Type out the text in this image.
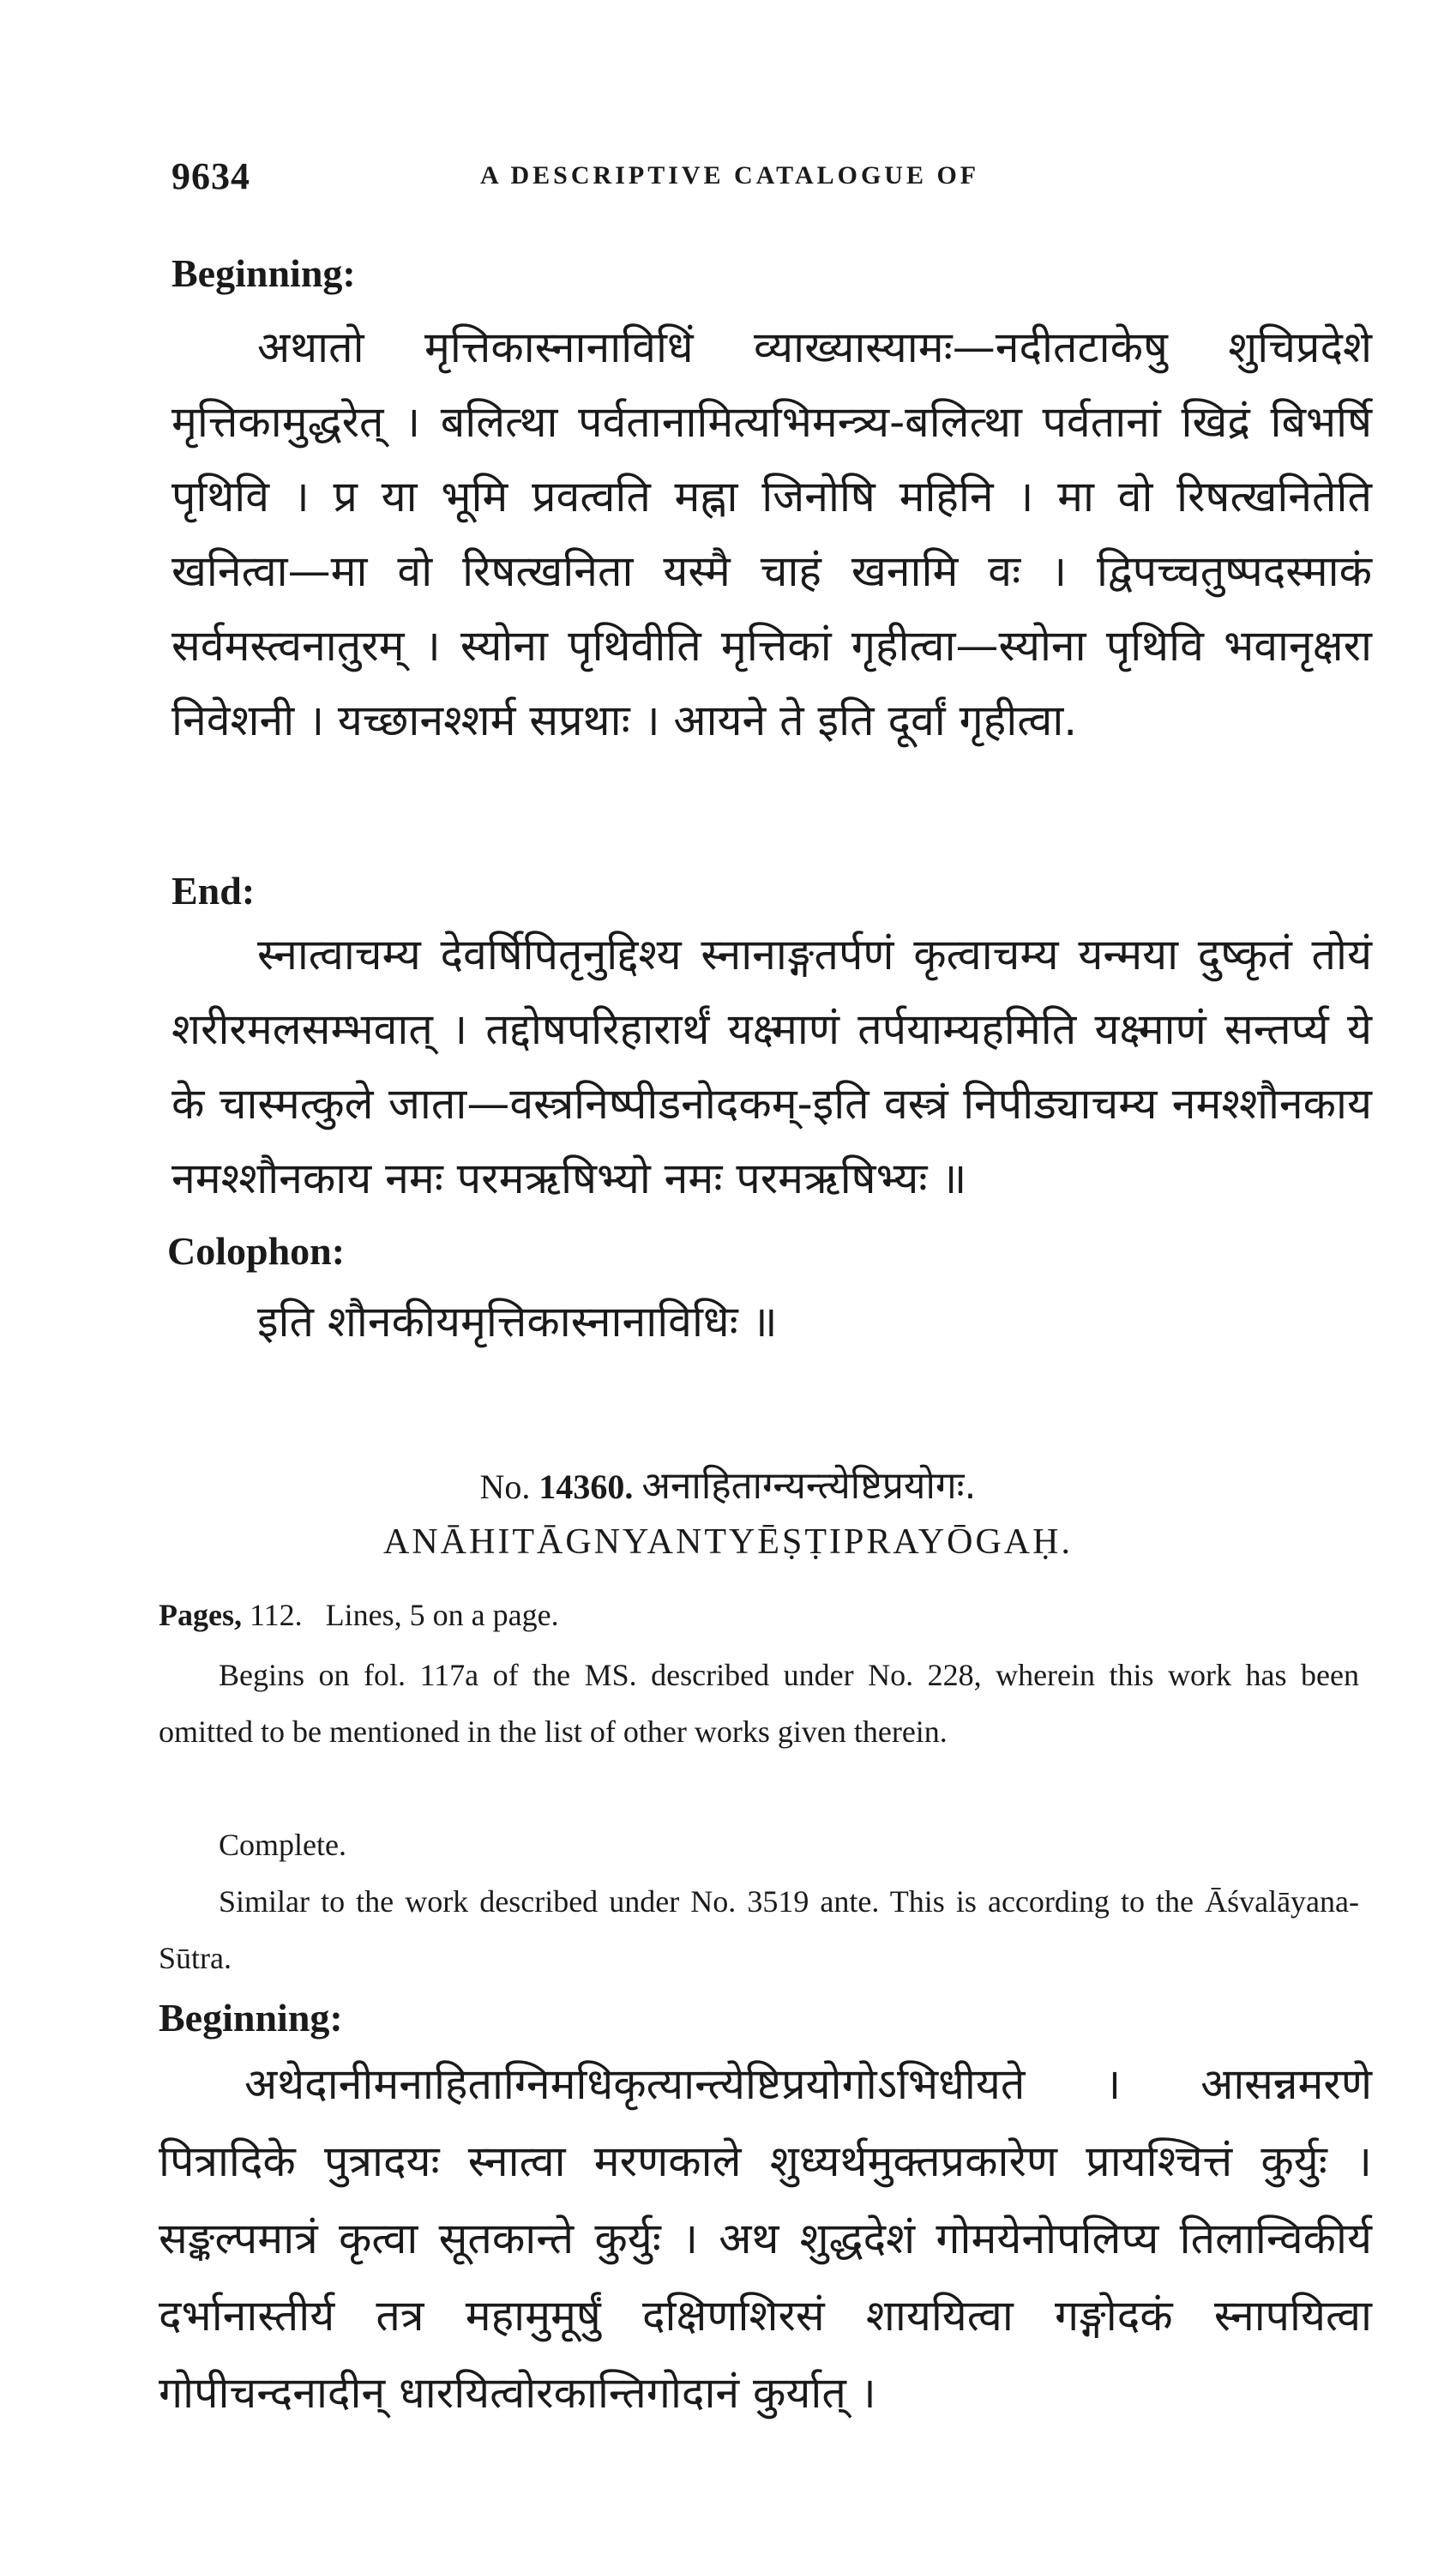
9634	A DESCRIPTIVE CATALOGUE OF
Beginning:
अथातो मृत्तिकास्नानाविधिं व्याख्यास्यामः—नदीतटाकेषु शुचिप्रदेशे मृत्तिकामुद्धरेत् । बलित्था पर्वतानामित्यभिमन्त्र्य-बलित्था पर्वतानां खिद्रं बिभर्षि पृथिवि । प्र या भूमि प्रवत्वति मह्ना जिनोषि महिनि । मा वो रिषत्खनितेति खनित्वा—मा वो रिषत्खनिता यस्मै चाहं खनामि वः । द्विपच्चतुष्पदस्माकं सर्वमस्त्वनातुरम् । स्योना पृथिवीति मृत्तिकां गृहीत्वा—स्योना पृथिवि भवानृक्षरा निवेशनी । यच्छानश्शर्म सप्रथाः । आयने ते इति दूर्वां गृहीत्वा.
End:
स्नात्वाचम्य देवर्षिपितृनुद्दिश्य स्नानाङ्गतर्पणं कृत्वाचम्य यन्मया दुष्कृतं तोयं शरीरमलसम्भवात् । तद्दोषपरिहारार्थं यक्ष्माणं तर्पयाम्यहमिति यक्ष्माणं सन्तर्प्य ये के चास्मत्कुले जाता—वस्त्रनिष्पीडनोदकम्-इति वस्त्रं निपीड्याचम्य नमश्शौनकाय नमश्शौनकाय नमः परमऋषिभ्यो नमः परमऋषिभ्यः ॥
Colophon:
इति शौनकीयमृत्तिकास्नानाविधिः ॥
No. 14360. अनाहिताग्न्यन्त्येष्टिप्रयोगः.
ANĀHITĀGNYANTYĒṢṬIPRAYŌGAḤ.
Pages, 112. Lines, 5 on a page.
Begins on fol. 117a of the MS. described under No. 228, wherein this work has been omitted to be mentioned in the list of other works given therein.
Complete.
Similar to the work described under No. 3519 ante. This is according to the Āśvalāyana-Sūtra.
Beginning:
अथेदानीमनाहिताग्निमधिकृत्यान्त्येष्टिप्रयोगोऽभिधीयते । आसन्नमरणे पित्रादिके पुत्रादयः स्नात्वा मरणकाले शुध्यर्थमुक्तप्रकारेण प्रायश्चित्तं कुर्युः । सङ्कल्पमात्रं कृत्वा सूतकान्ते कुर्युः । अथ शुद्धदेशं गोमयेनोपलिप्य तिलान्विकीर्य दर्भानास्तीर्य तत्र महामुमूर्षुं दक्षिणशिरसं शाययित्वा गङ्गोदकं स्नापयित्वा गोपीचन्दनादीन् धारयित्वोरकान्तिगोदानं कुर्यात् ।
